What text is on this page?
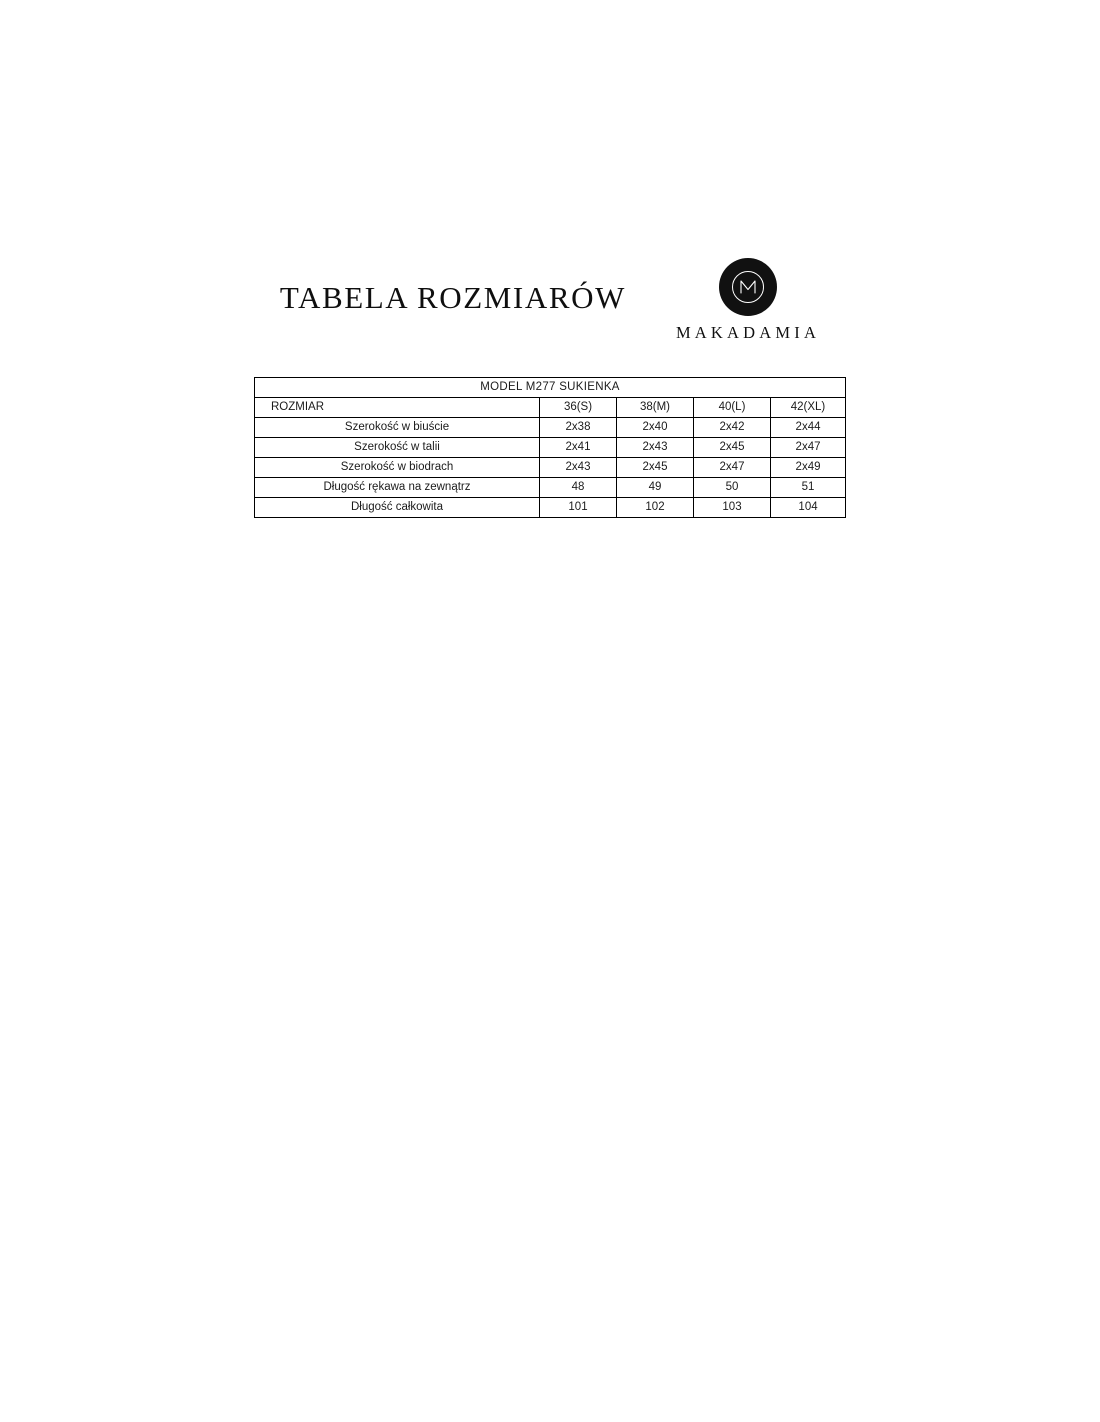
TABELA ROZMIARÓW
MAKADAMIA
MODEL M277 SUKIENKA				
ROZMIAR	36(S)	38(M)	40(L)	42(XL)
Szerokość w biuście	2x38	2x40	2x42	2x44
Szerokość w talii	2x41	2x43	2x45	2x47
Szerokość w biodrach	2x43	2x45	2x47	2x49
Długość rękawa na zewnątrz	48	49	50	51
Długość całkowita	101	102	103	104
